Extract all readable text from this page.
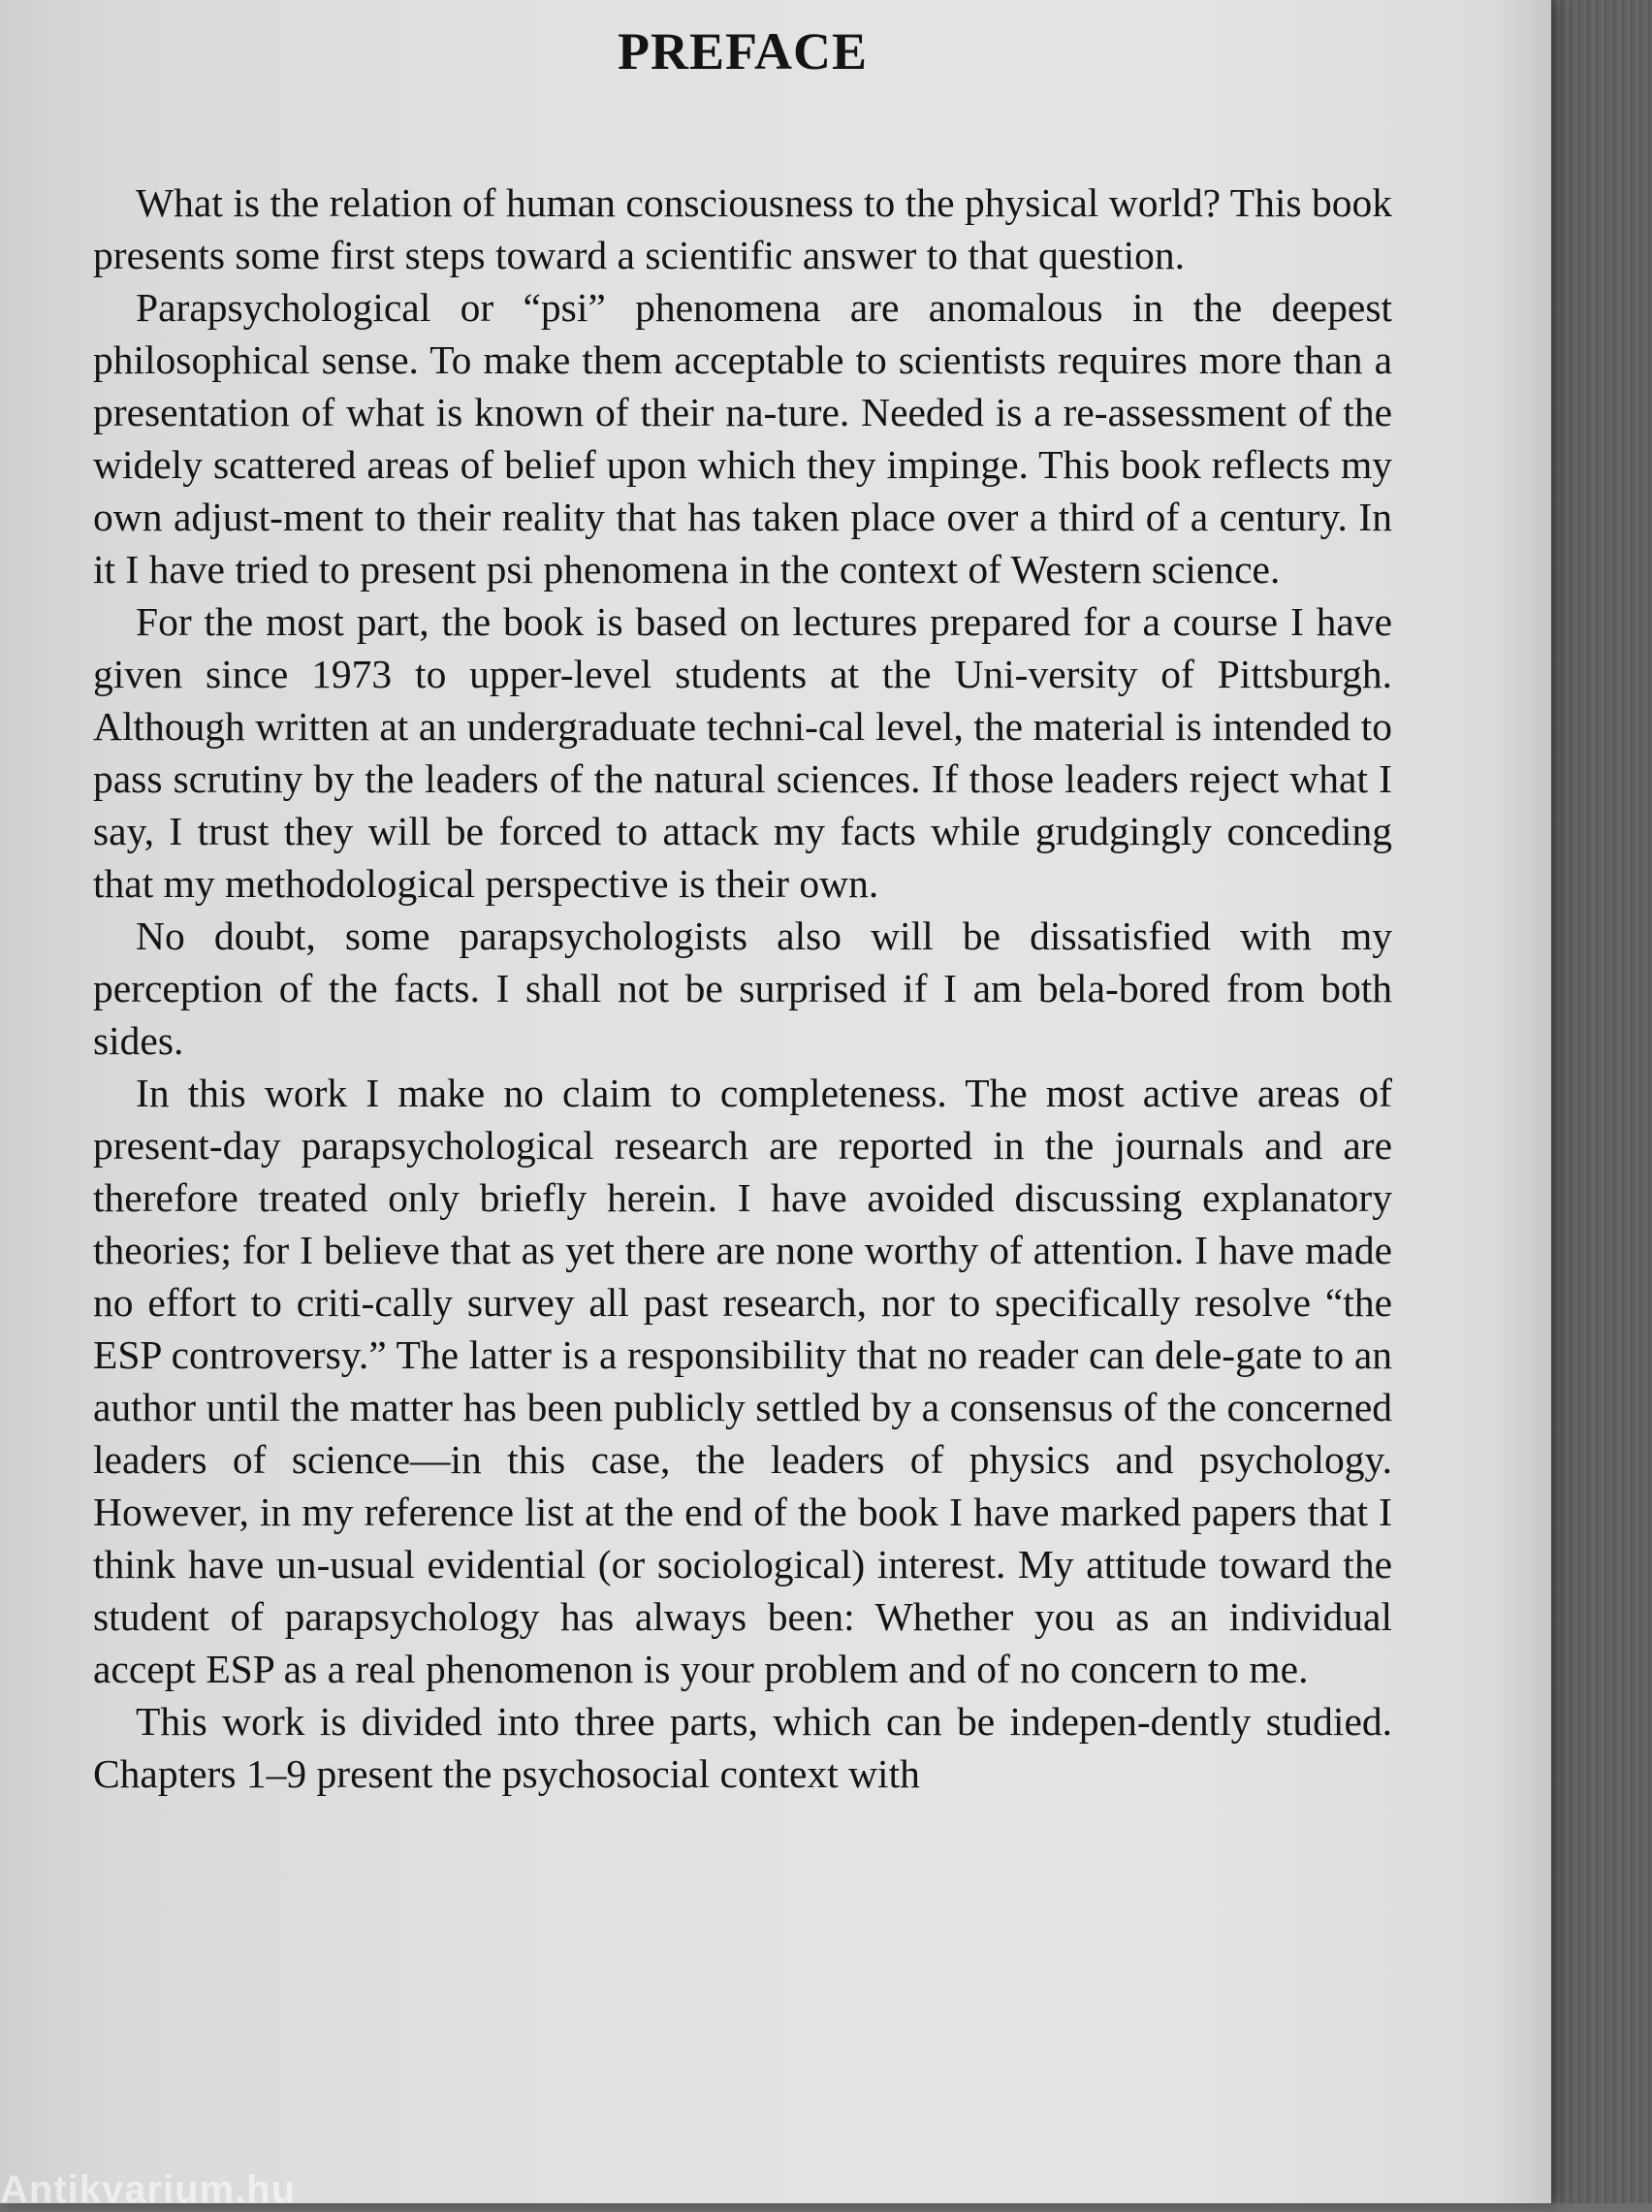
PREFACE

What is the relation of human consciousness to the physical world? This book presents some first steps toward a scientific answer to that question.

Parapsychological or “psi” phenomena are anomalous in the deepest philosophical sense. To make them acceptable to scientists requires more than a presentation of what is known of their na-ture. Needed is a re-assessment of the widely scattered areas of belief upon which they impinge. This book reflects my own adjust-ment to their reality that has taken place over a third of a century. In it I have tried to present psi phenomena in the context of Western science.

For the most part, the book is based on lectures prepared for a course I have given since 1973 to upper-level students at the Uni-versity of Pittsburgh. Although written at an undergraduate techni-cal level, the material is intended to pass scrutiny by the leaders of the natural sciences. If those leaders reject what I say, I trust they will be forced to attack my facts while grudgingly conceding that my methodological perspective is their own.

No doubt, some parapsychologists also will be dissatisfied with my perception of the facts. I shall not be surprised if I am bela-bored from both sides.

In this work I make no claim to completeness. The most active areas of present-day parapsychological research are reported in the journals and are therefore treated only briefly herein. I have avoided discussing explanatory theories; for I believe that as yet there are none worthy of attention. I have made no effort to criti-cally survey all past research, nor to specifically resolve “the ESP controversy.” The latter is a responsibility that no reader can dele-gate to an author until the matter has been publicly settled by a consensus of the concerned leaders of science—in this case, the leaders of physics and psychology. However, in my reference list at the end of the book I have marked papers that I think have un-usual evidential (or sociological) interest. My attitude toward the student of parapsychology has always been: Whether you as an individual accept ESP as a real phenomenon is your problem and of no concern to me.

This work is divided into three parts, which can be indepen-dently studied. Chapters 1–9 present the psychosocial context with

Antikvarium.hu
